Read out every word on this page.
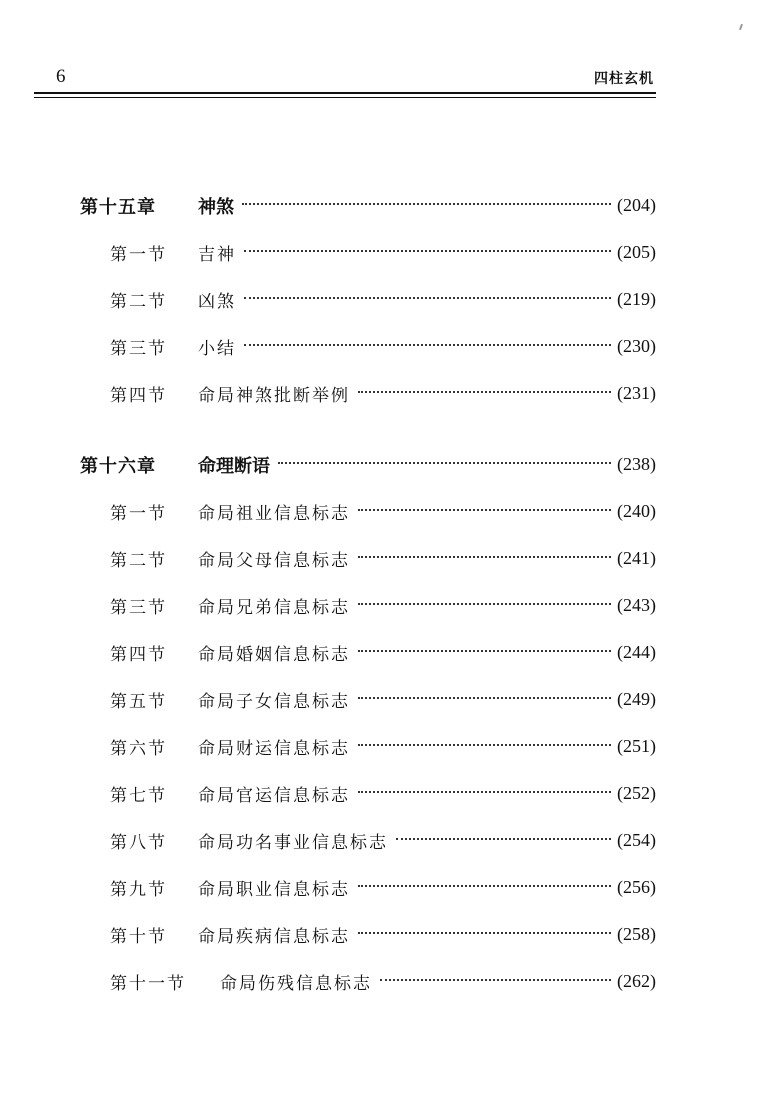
6	四柱玄机
第十五章	神煞	(204)
第一节	吉神	(205)
第二节	凶煞	(219)
第三节	小结	(230)
第四节	命局神煞批断举例	(231)
第十六章	命理断语	(238)
第一节	命局祖业信息标志	(240)
第二节	命局父母信息标志	(241)
第三节	命局兄弟信息标志	(243)
第四节	命局婚姻信息标志	(244)
第五节	命局子女信息标志	(249)
第六节	命局财运信息标志	(251)
第七节	命局官运信息标志	(252)
第八节	命局功名事业信息标志	(254)
第九节	命局职业信息标志	(256)
第十节	命局疾病信息标志	(258)
第十一节	命局伤残信息标志	(262)
